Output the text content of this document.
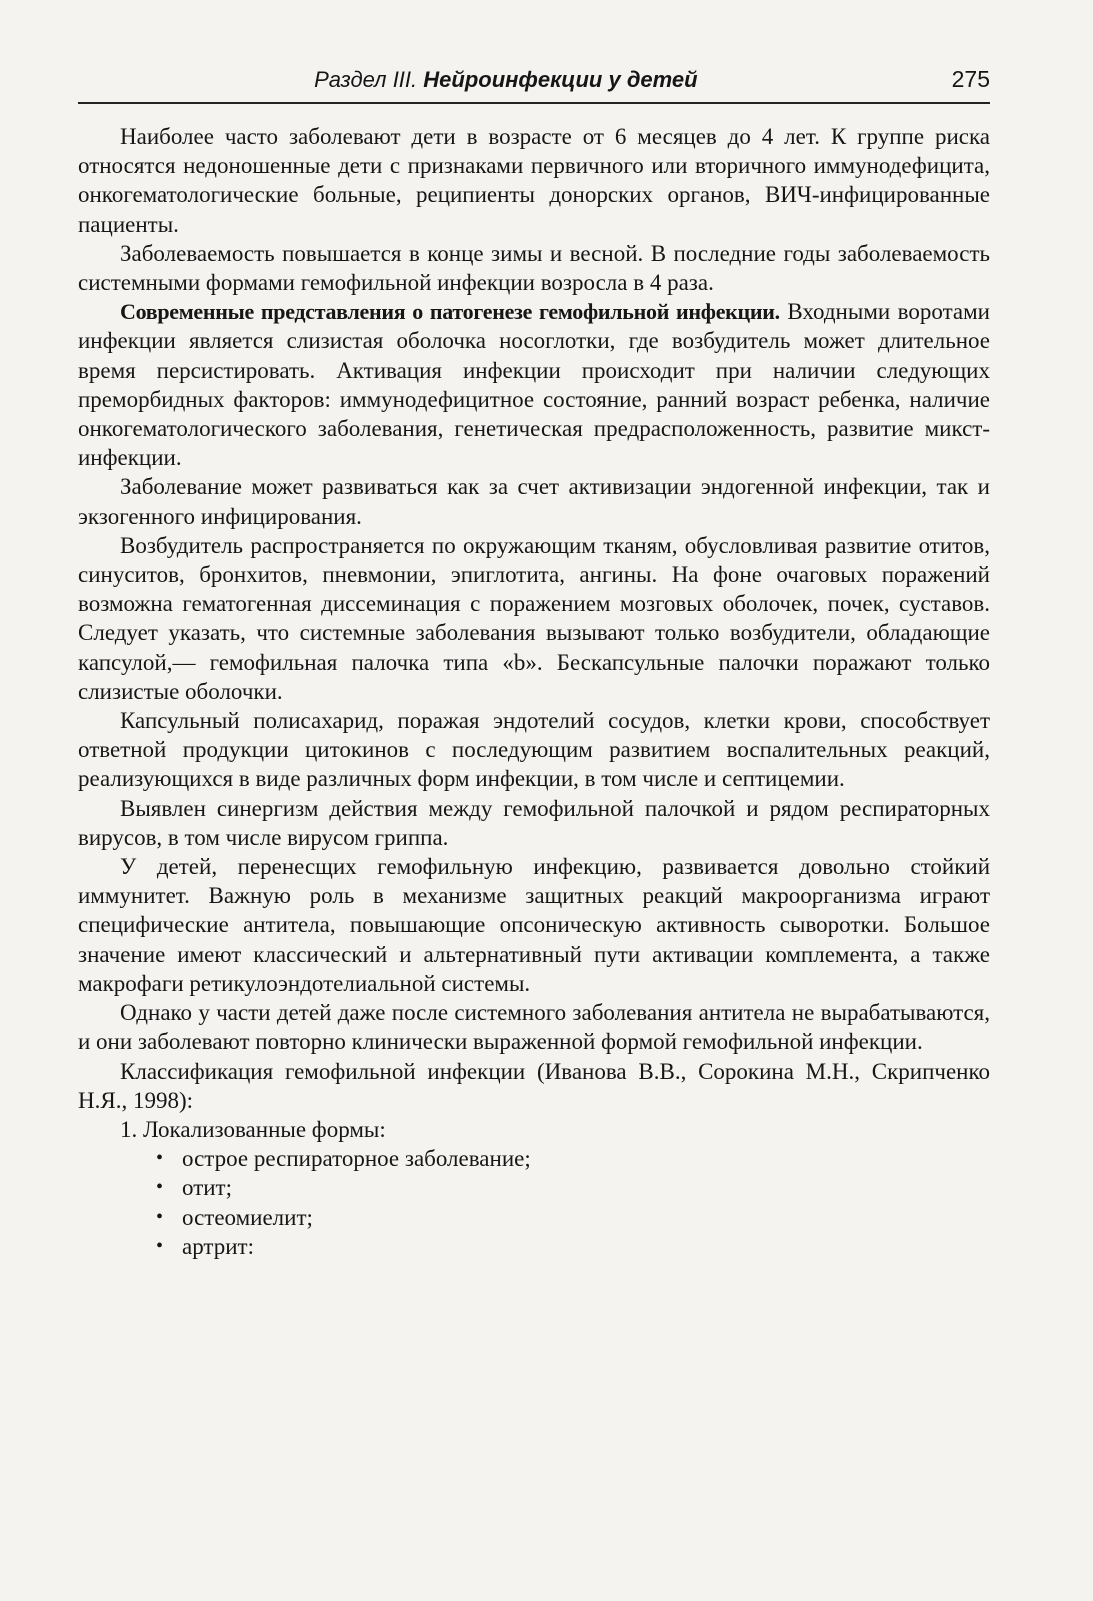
Раздел III. Нейроинфекции у детей	275

Наиболее часто заболевают дети в возрасте от 6 месяцев до 4 лет. К группе риска относятся недоношенные дети с признаками первичного или вторичного иммунодефицита, онкогематологические больные, реципиенты донорских органов, ВИЧ-инфицированные пациенты.

Заболеваемость повышается в конце зимы и весной. В последние годы заболеваемость системными формами гемофильной инфекции возросла в 4 раза.

Современные представления о патогенезе гемофильной инфекции. Входными воротами инфекции является слизистая оболочка носоглотки, где возбудитель может длительное время персистировать. Активация инфекции происходит при наличии следующих преморбидных факторов: иммунодефицитное состояние, ранний возраст ребенка, наличие онкогематологического заболевания, генетическая предрасположенность, развитие микст-инфекции.

Заболевание может развиваться как за счет активизации эндогенной инфекции, так и экзогенного инфицирования.

Возбудитель распространяется по окружающим тканям, обусловливая развитие отитов, синуситов, бронхитов, пневмонии, эпиглотита, ангины. На фоне очаговых поражений возможна гематогенная диссеминация с поражением мозговых оболочек, почек, суставов. Следует указать, что системные заболевания вызывают только возбудители, обладающие капсулой,— гемофильная палочка типа «b». Бескапсульные палочки поражают только слизистые оболочки.

Капсульный полисахарид, поражая эндотелий сосудов, клетки крови, способствует ответной продукции цитокинов с последующим развитием воспалительных реакций, реализующихся в виде различных форм инфекции, в том числе и септицемии.

Выявлен синергизм действия между гемофильной палочкой и рядом респираторных вирусов, в том числе вирусом гриппа.

У детей, перенесщих гемофильную инфекцию, развивается довольно стойкий иммунитет. Важную роль в механизме защитных реакций макроорганизма играют специфические антитела, повышающие опсоническую активность сыворотки. Большое значение имеют классический и альтернативный пути активации комплемента, а также макрофаги ретикулоэндотелиальной системы.

Однако у части детей даже после системного заболевания антитела не вырабатываются, и они заболевают повторно клинически выраженной формой гемофильной инфекции.

Классификация гемофильной инфекции (Иванова В.В., Сорокина М.Н., Скрипченко Н.Я., 1998):

1. Локализованные формы:
• острое респираторное заболевание;
• отит;
• остеомиелит;
• артрит:
